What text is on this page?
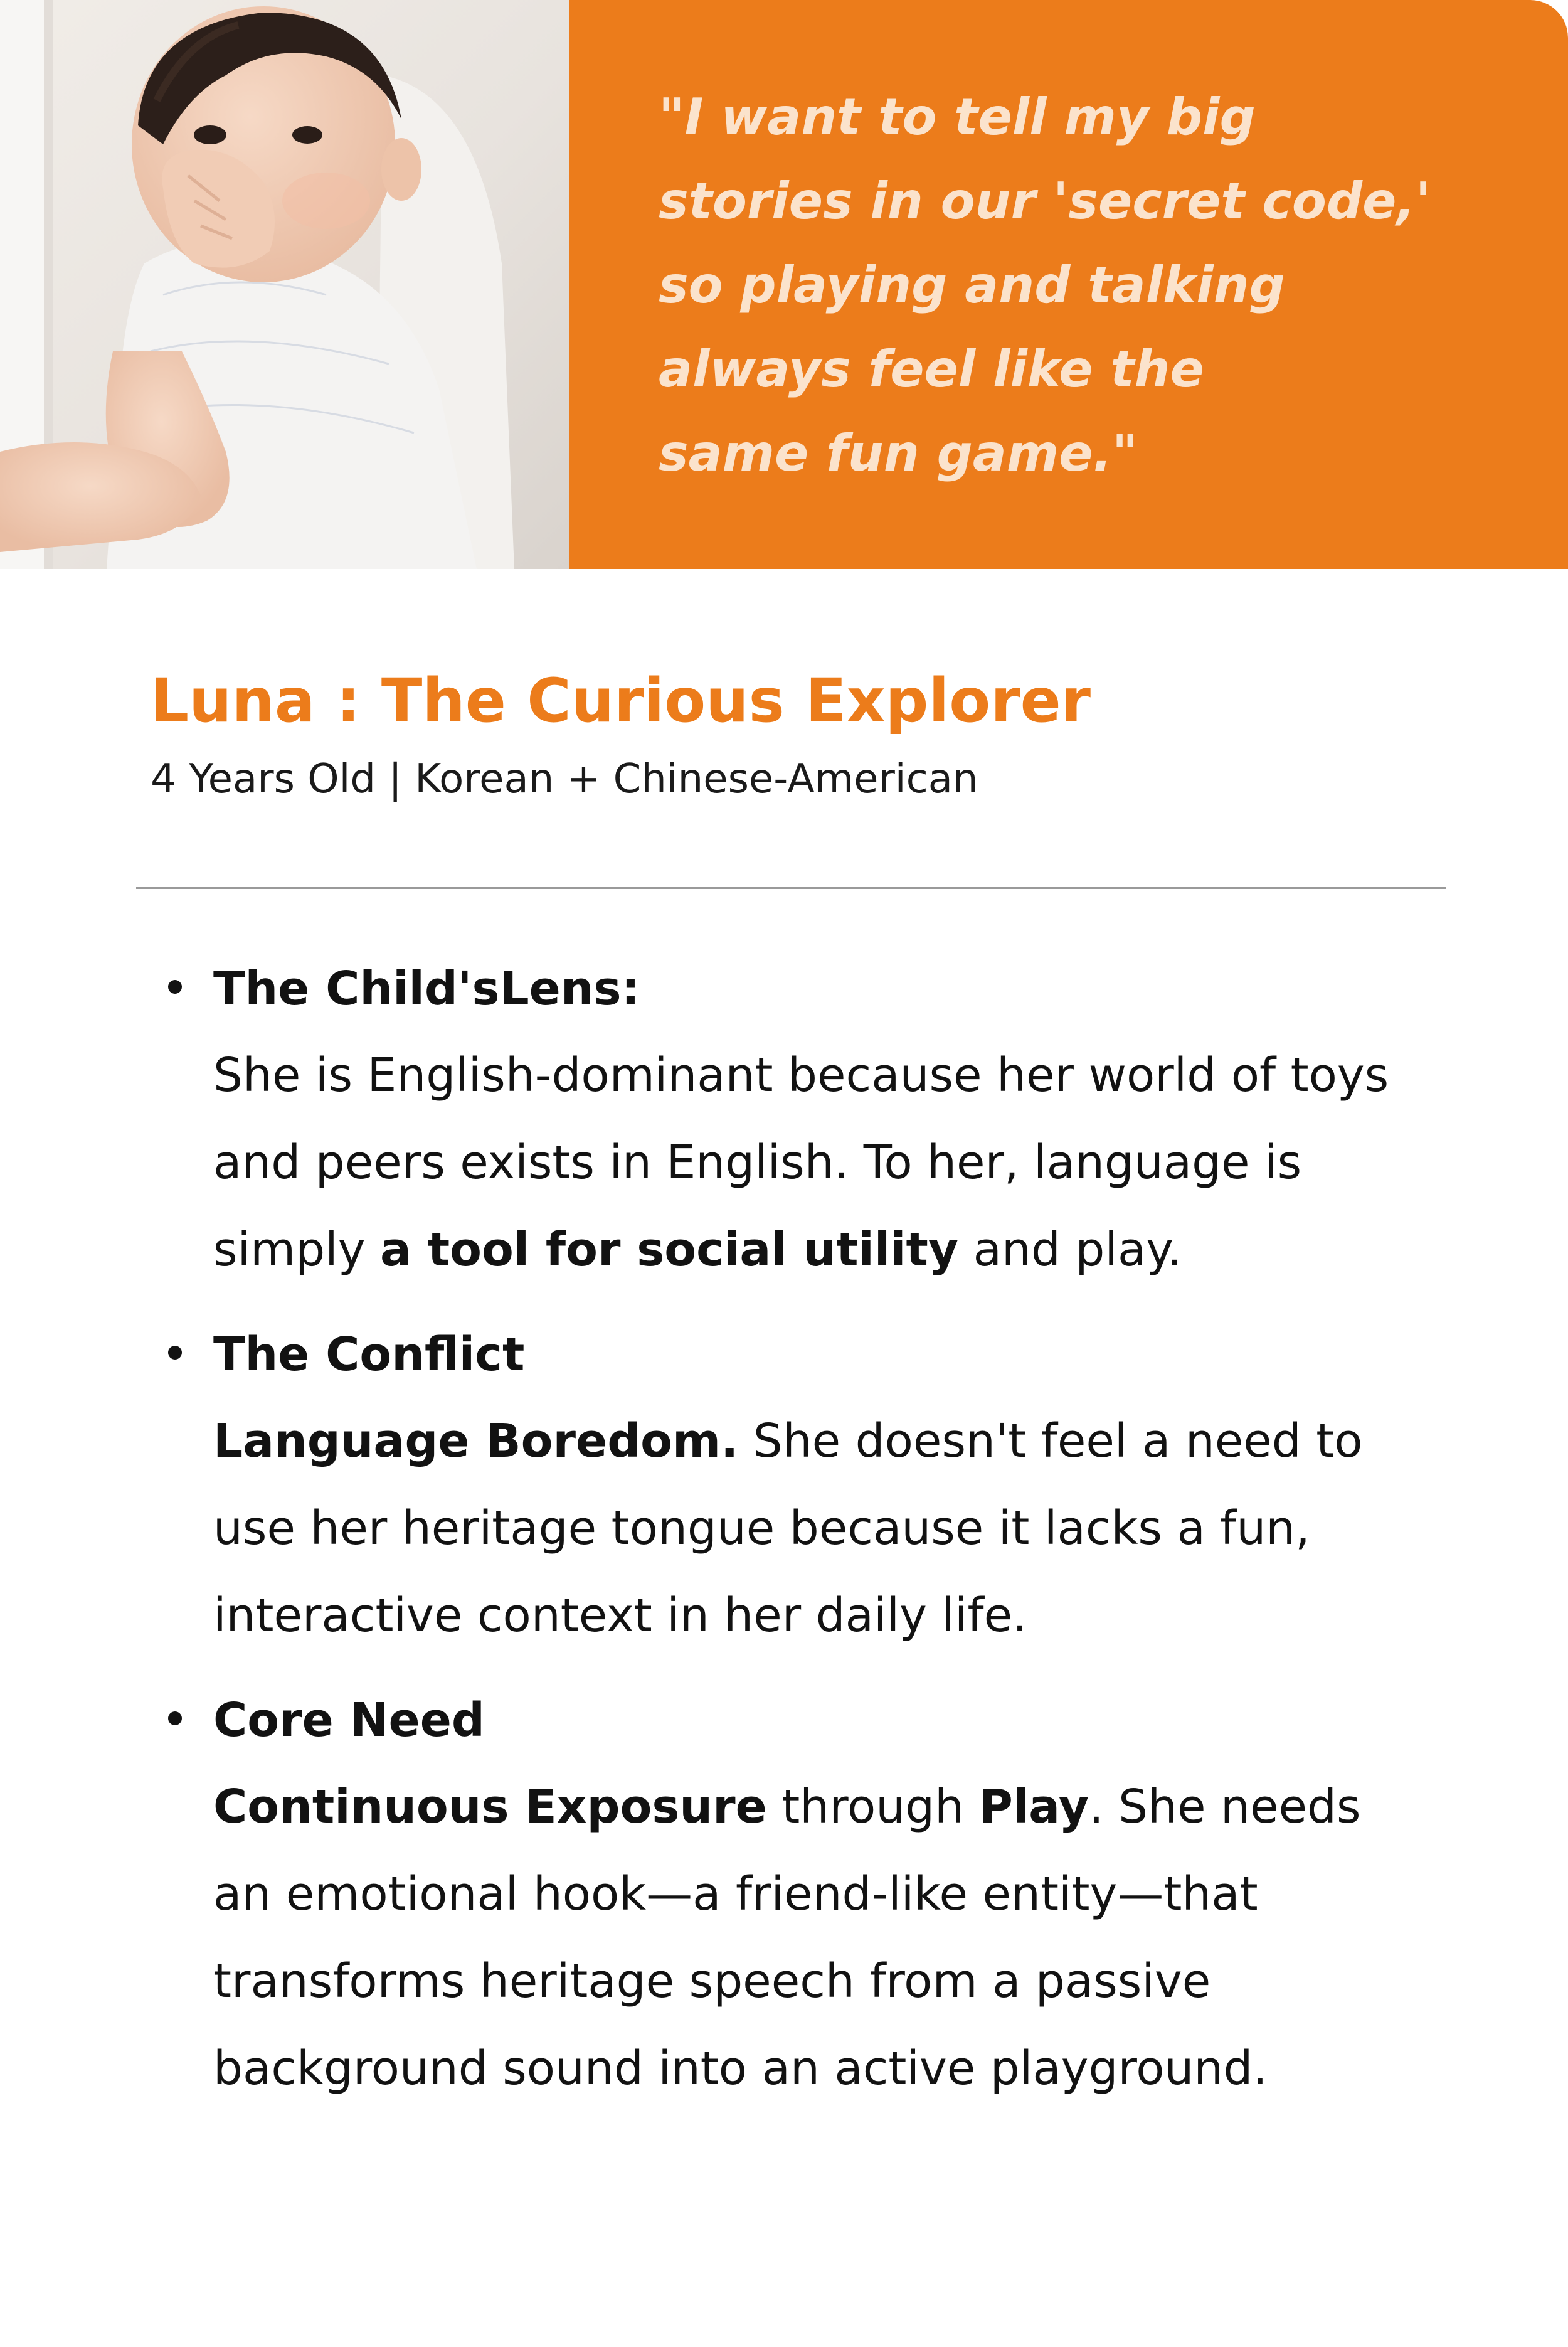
"I want to tell my big
stories in our 'secret code,'
so playing and talking
always feel like the
same fun game."

Luna : The Curious Explorer

4 Years Old | Korean + Chinese-American

The Child'sLens:
She is English-dominant because her world of toys and peers exists in English. To her, language is simply a tool for social utility and play.
The Conflict
Language Boredom. She doesn't feel a need to use her heritage tongue because it lacks a fun, interactive context in her daily life.
Core Need
Continuous Exposure through Play. She needs an emotional hook—a friend-like entity—that transforms heritage speech from a passive background sound into an active playground.
